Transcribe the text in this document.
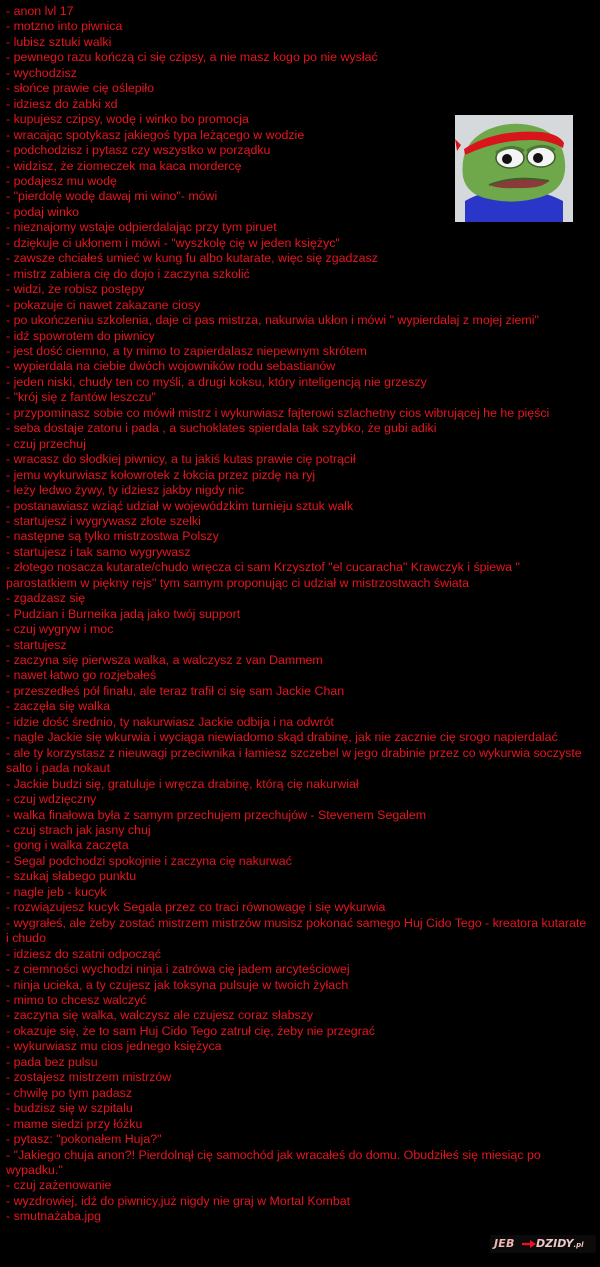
- anon lvl 17
- motzno into piwnica
- lubisz sztuki walki
- pewnego razu kończą ci się czipsy, a nie masz kogo po nie wysłać
- wychodzisz
- słońce prawie cię oślepiło
- idziesz do żabki xd
- kupujesz czipsy, wodę i winko bo promocja
- wracając spotykasz jakiegoś typa leżącego w wodzie
- podchodzisz i pytasz czy wszystko w porządku
- widzisz, że ziomeczek ma kaca mordercę
- podajesz mu wodę
- "pierdolę wodę dawaj mi wino"- mówi
- podaj winko
- nieznajomy wstaje odpierdalając przy tym piruet
- dziękuje ci ukłonem i mówi - "wyszkolę cię w jeden księżyc"
- zawsze chciałeś umieć w kung fu albo kutarate, więc się zgadzasz
- mistrz zabiera cię do dojo i zaczyna szkolić
- widzi, że robisz postępy
- pokazuje ci nawet zakazane ciosy
- po ukończeniu szkolenia, daje ci pas mistrza, nakurwia ukłon i mówi " wypierdalaj z mojej ziemi"
- idź spowrotem do piwnicy
- jest dość ciemno, a ty mimo to zapierdalasz niepewnym skrótem
- wypierdala na ciebie dwóch wojowników rodu sebastianów
- jeden niski, chudy ten co myśli, a drugi koksu, który inteligencją nie grzeszy
- "krój się z fantów leszczu"
- przypominasz sobie co mówił mistrz i wykurwiasz fajterowi szlachetny cios wibrującej he he pięści
- seba dostaje zatoru i pada , a suchoklates spierdala tak szybko, że gubi adiki
- czuj przechuj
- wracasz do słodkiej piwnicy, a tu jakiś kutas prawie cię potrącił
- jemu wykurwiasz kołowrotek z łokcia przez pizdę na ryj
- leży ledwo żywy, ty idziesz jakby nigdy nic
- postanawiasz wziąć udział w wojewódzkim turnieju sztuk walk
- startujesz i wygrywasz złote szelki
- następne są tylko mistrzostwa Polszy
- startujesz i tak samo wygrywasz
- złotego nosacza kutarate/chudo wręcza ci sam Krzysztof "el cucaracha" Krawczyk i śpiewa " parostatkiem w piękny rejs" tym samym proponując ci udział w mistrzostwach świata
- zgadzasz się
- Pudzian i Burneika jadą jako twój support
- czuj wygryw i moc
- startujesz
- zaczyna się pierwsza walka, a walczysz z van Dammem
- nawet łatwo go rozjebałeś
- przeszedłeś pół finału, ale teraz trafił ci się sam Jackie Chan
- zaczęła się walka
- idzie dość średnio, ty nakurwiasz Jackie odbija i na odwrót
- nagle Jackie się wkurwia i wyciąga niewiadomo skąd drabinę, jak nie zacznie cię srogo napierdalać
- ale ty korzystasz z nieuwagi przeciwnika i łamiesz szczebel w jego drabinie przez co wykurwia soczyste salto i pada nokaut
- Jackie budzi się, gratuluje i wręcza drabinę, którą cię nakurwiał
- czuj wdzięczny
- walka finałowa była z samym przechujem przechujów - Stevenem Segalem
- czuj strach jak jasny chuj
- gong i walka zaczęta
- Segal podchodzi spokojnie i zaczyna cię nakurwać
- szukaj słabego punktu
- nagle jeb - kucyk
- rozwiązujesz kucyk Segala przez co traci równowagę i się wykurwia
- wygrałeś, ale żeby zostać mistrzem mistrzów musisz pokonać samego Huj Cido Tego - kreatora kutarate i chudo
- idziesz do szatni odpocząć
- z ciemności wychodzi ninja i zatrówa cię jadem arcyteściowej
- ninja ucieka, a ty czujesz jak toksyna pulsuje w twoich żyłach
- mimo to chcesz walczyć
- zaczyna się walka, walczysz ale czujesz coraz słabszy
- okazuje się, że to sam Huj Cido Tego zatruł cię, żeby nie przegrać
- wykurwiasz mu cios jednego księżyca
- pada bez pulsu
- zostajesz mistrzem mistrzów
- chwilę po tym padasz
- budzisz się w szpitalu
- mame siedzi przy łóżku
- pytasz: "pokonałem Huja?"
- "Jakiego chuja anon?! Pierdolnął cię samochód jak wracałeś do domu. Obudziłeś się miesiąc po wypadku."
- czuj zażenowanie
- wyzdrowiej, idź do piwnicy,już nigdy nie graj w Mortal Kombat
- smutnażaba.jpg
JEB DZIDY.pl
